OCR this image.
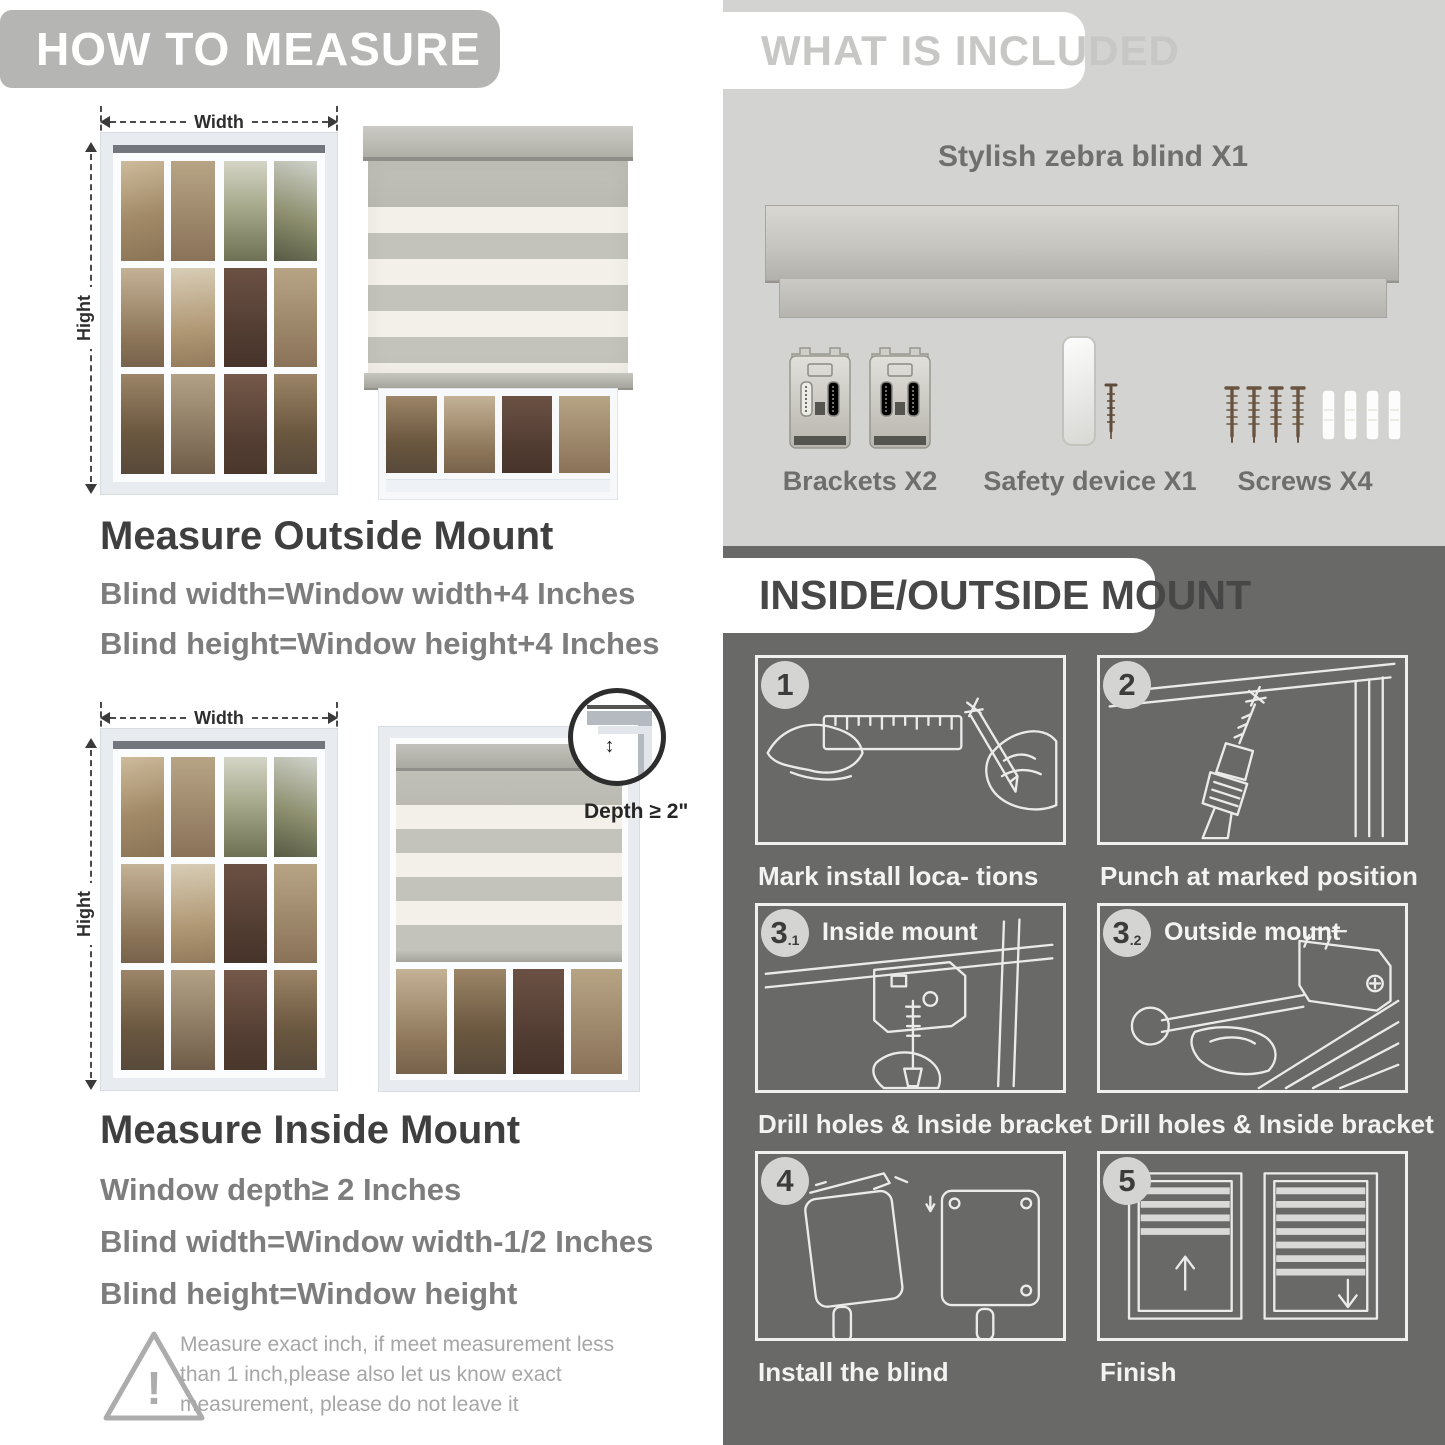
HOW TO MEASURE
Width
Hight
Measure Outside Mount
Blind width=Window width+4 Inches
Blind height=Window height+4 Inches
Width
Hight
↕
Depth ≥ 2"
Measure Inside Mount
Window depth≥ 2 Inches
Blind width=Window width-1/2 Inches
Blind height=Window height
!
Measure exact inch, if meet measurement less than 1 inch,please also let us know exact measurement, please do not leave it
WHAT IS INCLUDED
Stylish zebra blind X1
Brackets X2	Safety device X1	Screws X4
INSIDE/OUTSIDE MOUNT
1
Mark install loca- tions
2
Punch at marked position
3 .1 Inside mount
Drill holes & Inside bracket
3 .2 Outside mount
Drill holes & Inside bracket
4
Install the blind
5
Finish
